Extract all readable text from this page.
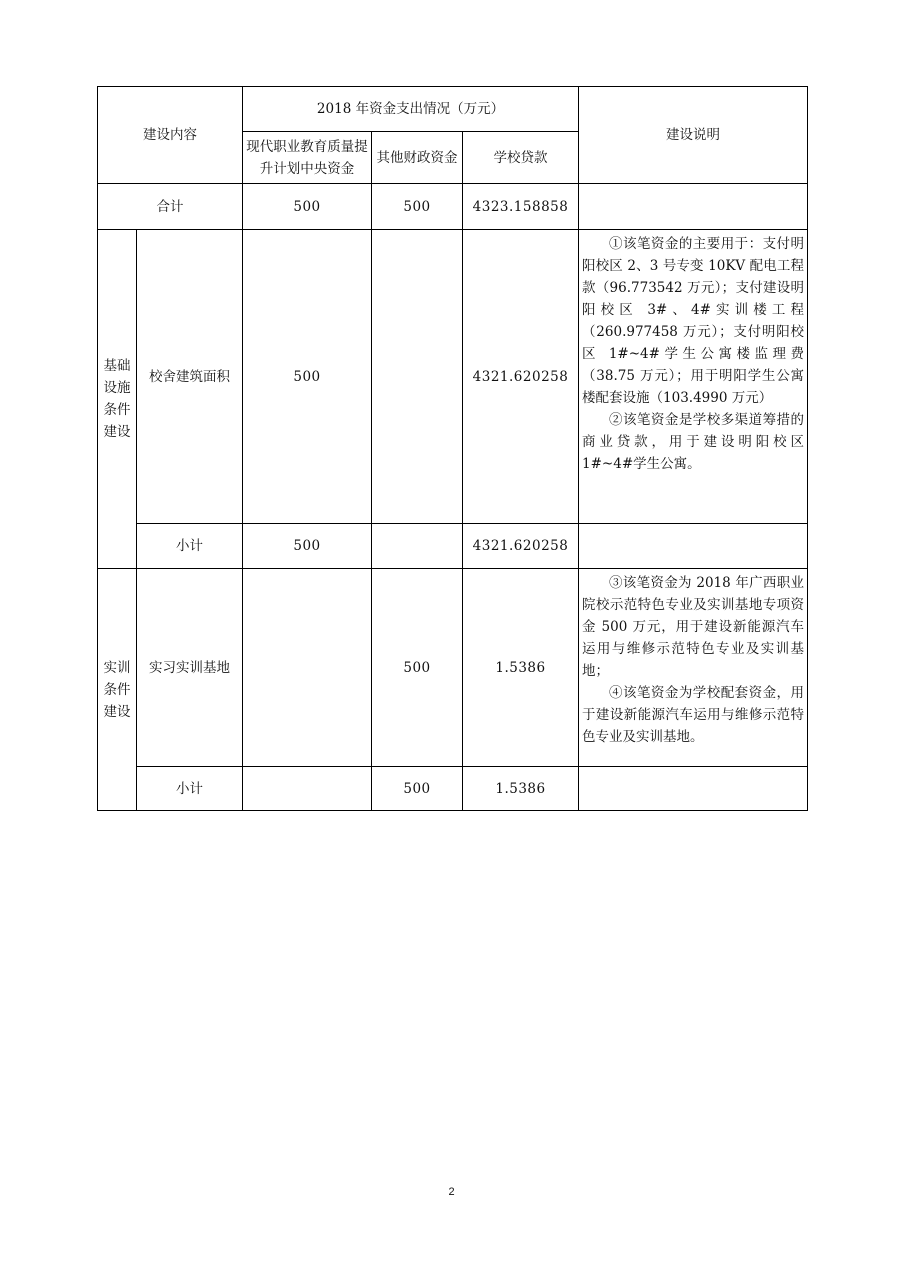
建设内容		2018 年资金支出情况（万元）			建设说明
		现代职业教育质量提升计划中央资金	其他财政资金	学校贷款	
合计		500	500	4323.158858	
基础设施条件建设	校舍建筑面积	500		4321.620258	①该笔资金的主要用于：支付明阳校区 2、3 号专变 10KV 配电工程款（96.773542 万元）；支付建设明阳校区 3#、4#实训楼工程（260.977458 万元）；支付明阳校区 1#~4#学生公寓楼监理费（38.75 万元）；用于明阳学生公寓楼配套设施（103.4990 万元）

②该笔资金是学校多渠道筹措的商业贷款，用于建设明阳校区 1#~4#学生公寓。

	小计	500		4321.620258	
实训条件建设	实习实训基地		500	1.5386	③该笔资金为 2018 年广西职业院校示范特色专业及实训基地专项资金 500 万元，用于建设新能源汽车运用与维修示范特色专业及实训基地；

④该笔资金为学校配套资金，用于建设新能源汽车运用与维修示范特色专业及实训基地。

	小计		500	1.5386	
2
